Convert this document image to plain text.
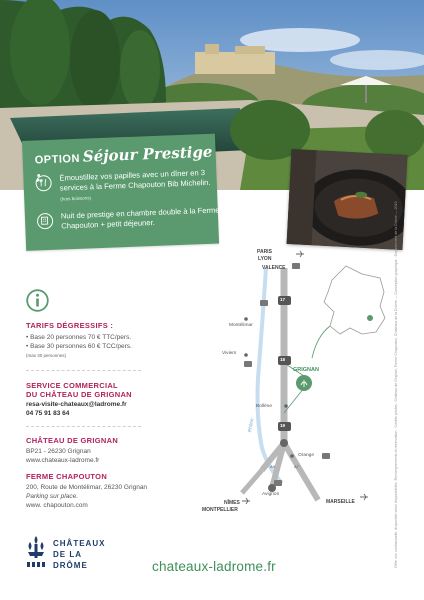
OPTION Séjour Prestige :	Émoustillez vos papilles avec un dîner en 3 services à la Ferme Chapouton Bib Michelin. (hors boissons)
Nuit de prestige en chambre double à la Ferme Chapouton + petit déjeuner.
TARIFS DÉGRESSIFS :
• Base 20 personnes 70 € TTC/pers.
• Base 30 personnes 60 € TCC/pers.
(max 30 personnes)
SERVICE COMMERCIAL
DU CHÂTEAU DE GRIGNAN
resa-visite-chateaux@ladrome.fr
04 75 91 83 64
CHÂTEAU DE GRIGNAN
BP21 - 26230 Grignan
www.chateaux-ladrome.fr
FERME CHAPOUTON
200, Route de Montélimar, 26230 Grignan
Parking sur place.
www. chapouton.com
CHÂTEAUX
DE LA
DRÔME	chateaux-ladrome.fr
PARIS
LYON
VALENCE
17
Montélimar
Viviers
18
GRIGNAN
Bollène
19
Rhône
Orange
A9	A7
Avignon
NÎMES
MONTPELLIER
MARSEILLE	Offre non contractuelle, disponible selon disponibilités. Renseignements et réservation : Crédits photos : Château de Grignan, Ferme Chapouton, Chateaux de la Drôme — Conception graphique : Département de la Drôme — 2019
